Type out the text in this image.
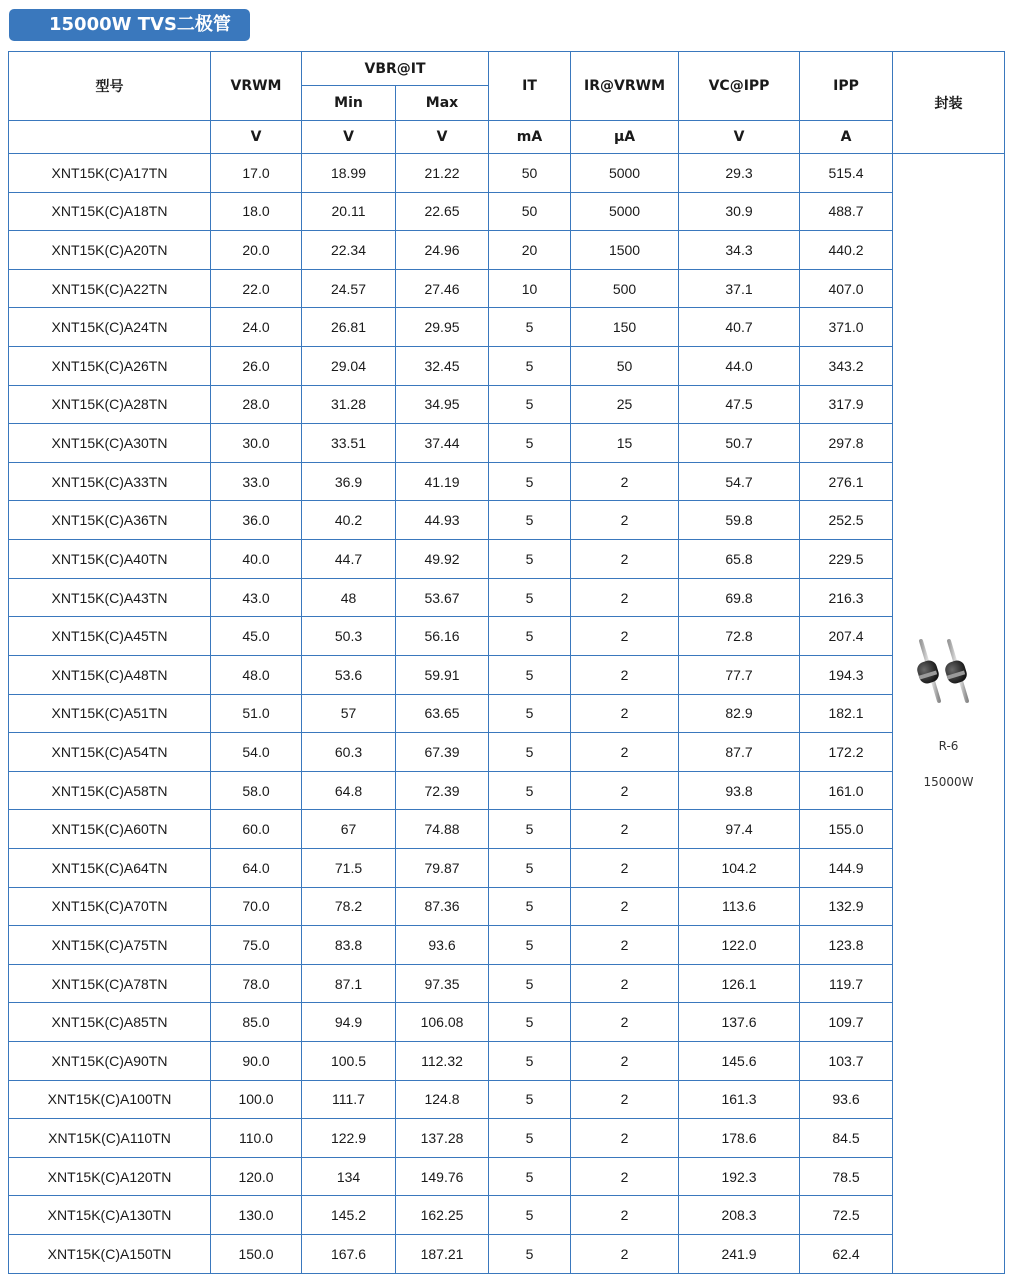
15000W TVS二极管
型号	VRWM	VBR@IT		IT	IR@VRWM	VC@IPP	IPP	封装
		Min	Max					
	V	V	V	mA	µA	V	A	
XNT15K(C)A17TN	17.0	18.99	21.22	50	5000	29.3	515.4	R-6
15000W

XNT15K(C)A18TN	18.0	20.11	22.65	50	5000	30.9	488.7	
XNT15K(C)A20TN	20.0	22.34	24.96	20	1500	34.3	440.2	
XNT15K(C)A22TN	22.0	24.57	27.46	10	500	37.1	407.0	
XNT15K(C)A24TN	24.0	26.81	29.95	5	150	40.7	371.0	
XNT15K(C)A26TN	26.0	29.04	32.45	5	50	44.0	343.2	
XNT15K(C)A28TN	28.0	31.28	34.95	5	25	47.5	317.9	
XNT15K(C)A30TN	30.0	33.51	37.44	5	15	50.7	297.8	
XNT15K(C)A33TN	33.0	36.9	41.19	5	2	54.7	276.1	
XNT15K(C)A36TN	36.0	40.2	44.93	5	2	59.8	252.5	
XNT15K(C)A40TN	40.0	44.7	49.92	5	2	65.8	229.5	
XNT15K(C)A43TN	43.0	48	53.67	5	2	69.8	216.3	
XNT15K(C)A45TN	45.0	50.3	56.16	5	2	72.8	207.4	
XNT15K(C)A48TN	48.0	53.6	59.91	5	2	77.7	194.3	
XNT15K(C)A51TN	51.0	57	63.65	5	2	82.9	182.1	
XNT15K(C)A54TN	54.0	60.3	67.39	5	2	87.7	172.2	
XNT15K(C)A58TN	58.0	64.8	72.39	5	2	93.8	161.0	
XNT15K(C)A60TN	60.0	67	74.88	5	2	97.4	155.0	
XNT15K(C)A64TN	64.0	71.5	79.87	5	2	104.2	144.9	
XNT15K(C)A70TN	70.0	78.2	87.36	5	2	113.6	132.9	
XNT15K(C)A75TN	75.0	83.8	93.6	5	2	122.0	123.8	
XNT15K(C)A78TN	78.0	87.1	97.35	5	2	126.1	119.7	
XNT15K(C)A85TN	85.0	94.9	106.08	5	2	137.6	109.7	
XNT15K(C)A90TN	90.0	100.5	112.32	5	2	145.6	103.7	
XNT15K(C)A100TN	100.0	111.7	124.8	5	2	161.3	93.6	
XNT15K(C)A110TN	110.0	122.9	137.28	5	2	178.6	84.5	
XNT15K(C)A120TN	120.0	134	149.76	5	2	192.3	78.5	
XNT15K(C)A130TN	130.0	145.2	162.25	5	2	208.3	72.5	
XNT15K(C)A150TN	150.0	167.6	187.21	5	2	241.9	62.4	
